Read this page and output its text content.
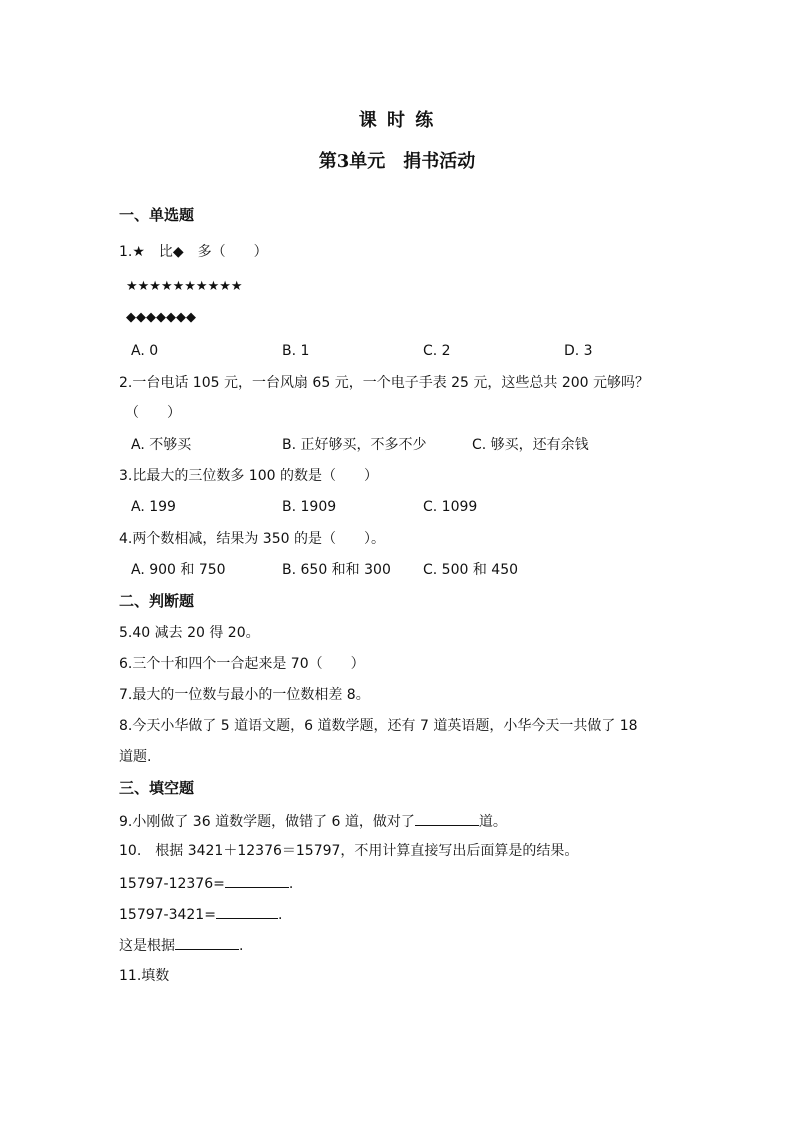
课 时 练
第3单元　捐书活动
一、单选题
1.★　比◆　多（　　）
★★★★★★★★★★
◆◆◆◆◆◆◆
A. 0	B. 1	C. 2	D. 3
2.一台电话 105 元，一台风扇 65 元，一个电子手表 25 元，这些总共 200 元够吗？
（　　）
A. 不够买	B. 正好够买，不多不少	C. 够买，还有余钱
3.比最大的三位数多 100 的数是（　　）
A. 199	B. 1909	C. 1099
4.两个数相减，结果为 350 的是（　　）。
A. 900 和 750	B. 650 和和 300 C. 500 和 450
二、判断题
5.40 减去 20 得 20。
6.三个十和四个一合起来是 70（　　）
7.最大的一位数与最小的一位数相差 8。
8.今天小华做了 5 道语文题，6 道数学题，还有 7 道英语题，小华今天一共做了 18
道题.
三、填空题
9.小刚做了 36 道数学题，做错了 6 道，做对了	道。
10.　根据 3421＋12376＝15797，不用计算直接写出后面算是的结果。
15797-12376=	.
15797-3421=	.
这是根据	.
11.填数
